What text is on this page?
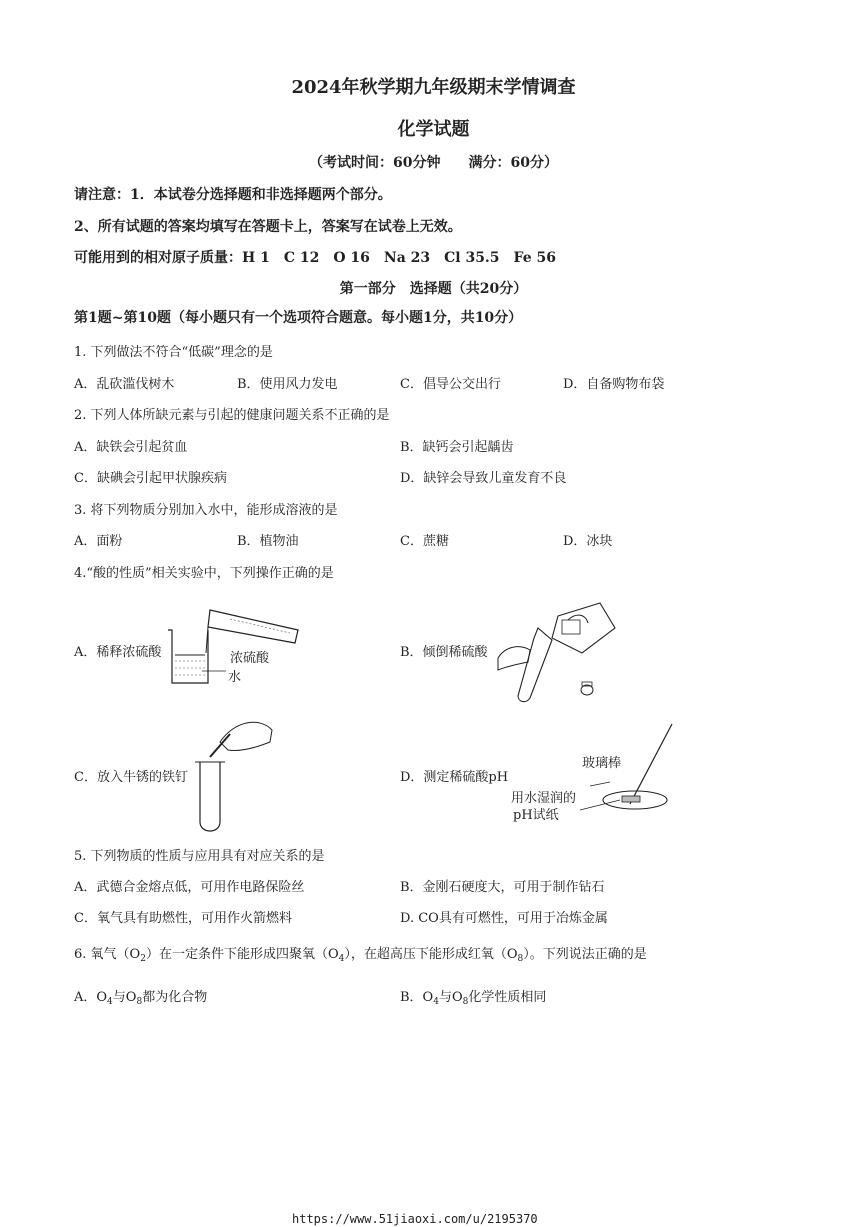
2024年秋学期九年级期末学情调查
化学试题
（考试时间：60分钟　　满分：60分）
请注意：1．本试卷分选择题和非选择题两个部分。
2、所有试题的答案均填写在答题卡上，答案写在试卷上无效。
可能用到的相对原子质量：H 1　C 12　O 16　Na 23　Cl 35.5　Fe 56
第一部分　选择题（共20分）
第1题~第10题（每小题只有一个选项符合题意。每小题1分，共10分）
1. 下列做法不符合“低碳”理念的是
A．乱砍滥伐树木	B．使用风力发电	C．倡导公交出行	D．自备购物布袋
2. 下列人体所缺元素与引起的健康问题关系不正确的是
A．缺铁会引起贫血	B．缺钙会引起龋齿
C．缺碘会引起甲状腺疾病	D．缺锌会导致儿童发育不良
3. 将下列物质分别加入水中，能形成溶液的是
A．面粉	B．植物油	C．蔗糖	D．冰块
4.“酸的性质”相关实验中，下列操作正确的是
A．稀释浓硫酸	B．倾倒稀硫酸
C．放入牛锈的铁钉	D．测定稀硫酸pH
浓硫酸
水
玻璃棒
用水湿润的
pH试纸
5. 下列物质的性质与应用具有对应关系的是
A．武德合金熔点低，可用作电路保险丝	B．金刚石硬度大，可用于制作钻石
C．氧气具有助燃性，可用作火箭燃料	D. CO具有可燃性，可用于冶炼金属
6. 氧气$(O_2)$在一定条件下能形成四聚氧$(O_4)$，在超高压下能形成红氧$(O_8)$。下列说法正确的是
A．$O_4$与$O_8$都为化合物	B．$O_4$与$O_8$化学性质相同
https://www.51jiaoxi.com/u/2195370
